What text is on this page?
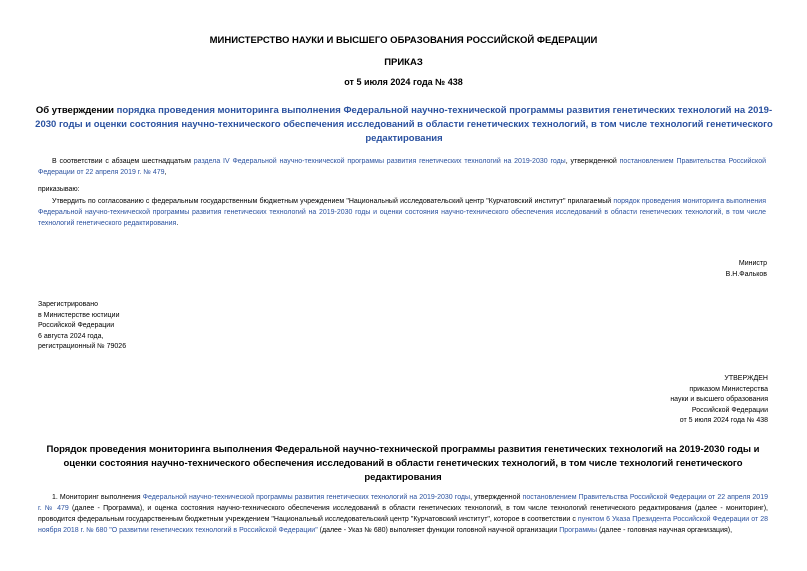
МИНИСТЕРСТВО НАУКИ И ВЫСШЕГО ОБРАЗОВАНИЯ РОССИЙСКОЙ ФЕДЕРАЦИИ
ПРИКАЗ
от 5 июля 2024 года № 438
Об утверждении порядка проведения мониторинга выполнения Федеральной научно-технической программы развития генетических технологий на 2019-2030 годы и оценки состояния научно-технического обеспечения исследований в области генетических технологий, в том числе технологий генетического редактирования
В соответствии с абзацем шестнадцатым раздела IV Федеральной научно-технической программы развития генетических технологий на 2019-2030 годы, утвержденной постановлением Правительства Российской Федерации от 22 апреля 2019 г. № 479,
приказываю:
Утвердить по согласованию с федеральным государственным бюджетным учреждением "Национальный исследовательский центр "Курчатовский институт" прилагаемый порядок проведения мониторинга выполнения Федеральной научно-технической программы развития генетических технологий на 2019-2030 годы и оценки состояния научно-технического обеспечения исследований в области генетических технологий, в том числе технологий генетического редактирования.
Министр
В.Н.Фальков
Зарегистрировано
в Министерстве юстиции
Российской Федерации
6 августа 2024 года,
регистрационный № 79026
УТВЕРЖДЕН
приказом Министерства
науки и высшего образования
Российской Федерации
от 5 июля 2024 года № 438
Порядок проведения мониторинга выполнения Федеральной научно-технической программы развития генетических технологий на 2019-2030 годы и оценки состояния научно-технического обеспечения исследований в области генетических технологий, в том числе технологий генетического редактирования
1. Мониторинг выполнения Федеральной научно-технической программы развития генетических технологий на 2019-2030 годы, утвержденной постановлением Правительства Российской Федерации от 22 апреля 2019 г. № 479 (далее - Программа), и оценка состояния научно-технического обеспечения исследований в области генетических технологий, в том числе технологий генетического редактирования (далее - мониторинг), проводится федеральным государственным бюджетным учреждением "Национальный исследовательский центр "Курчатовский институт", которое в соответствии с пунктом 6 Указа Президента Российской Федерации от 28 ноября 2018 г. № 680 "О развитии генетических технологий в Российской Федерации" (далее - Указ № 680) выполняет функции головной научной организации Программы (далее - головная научная организация),
